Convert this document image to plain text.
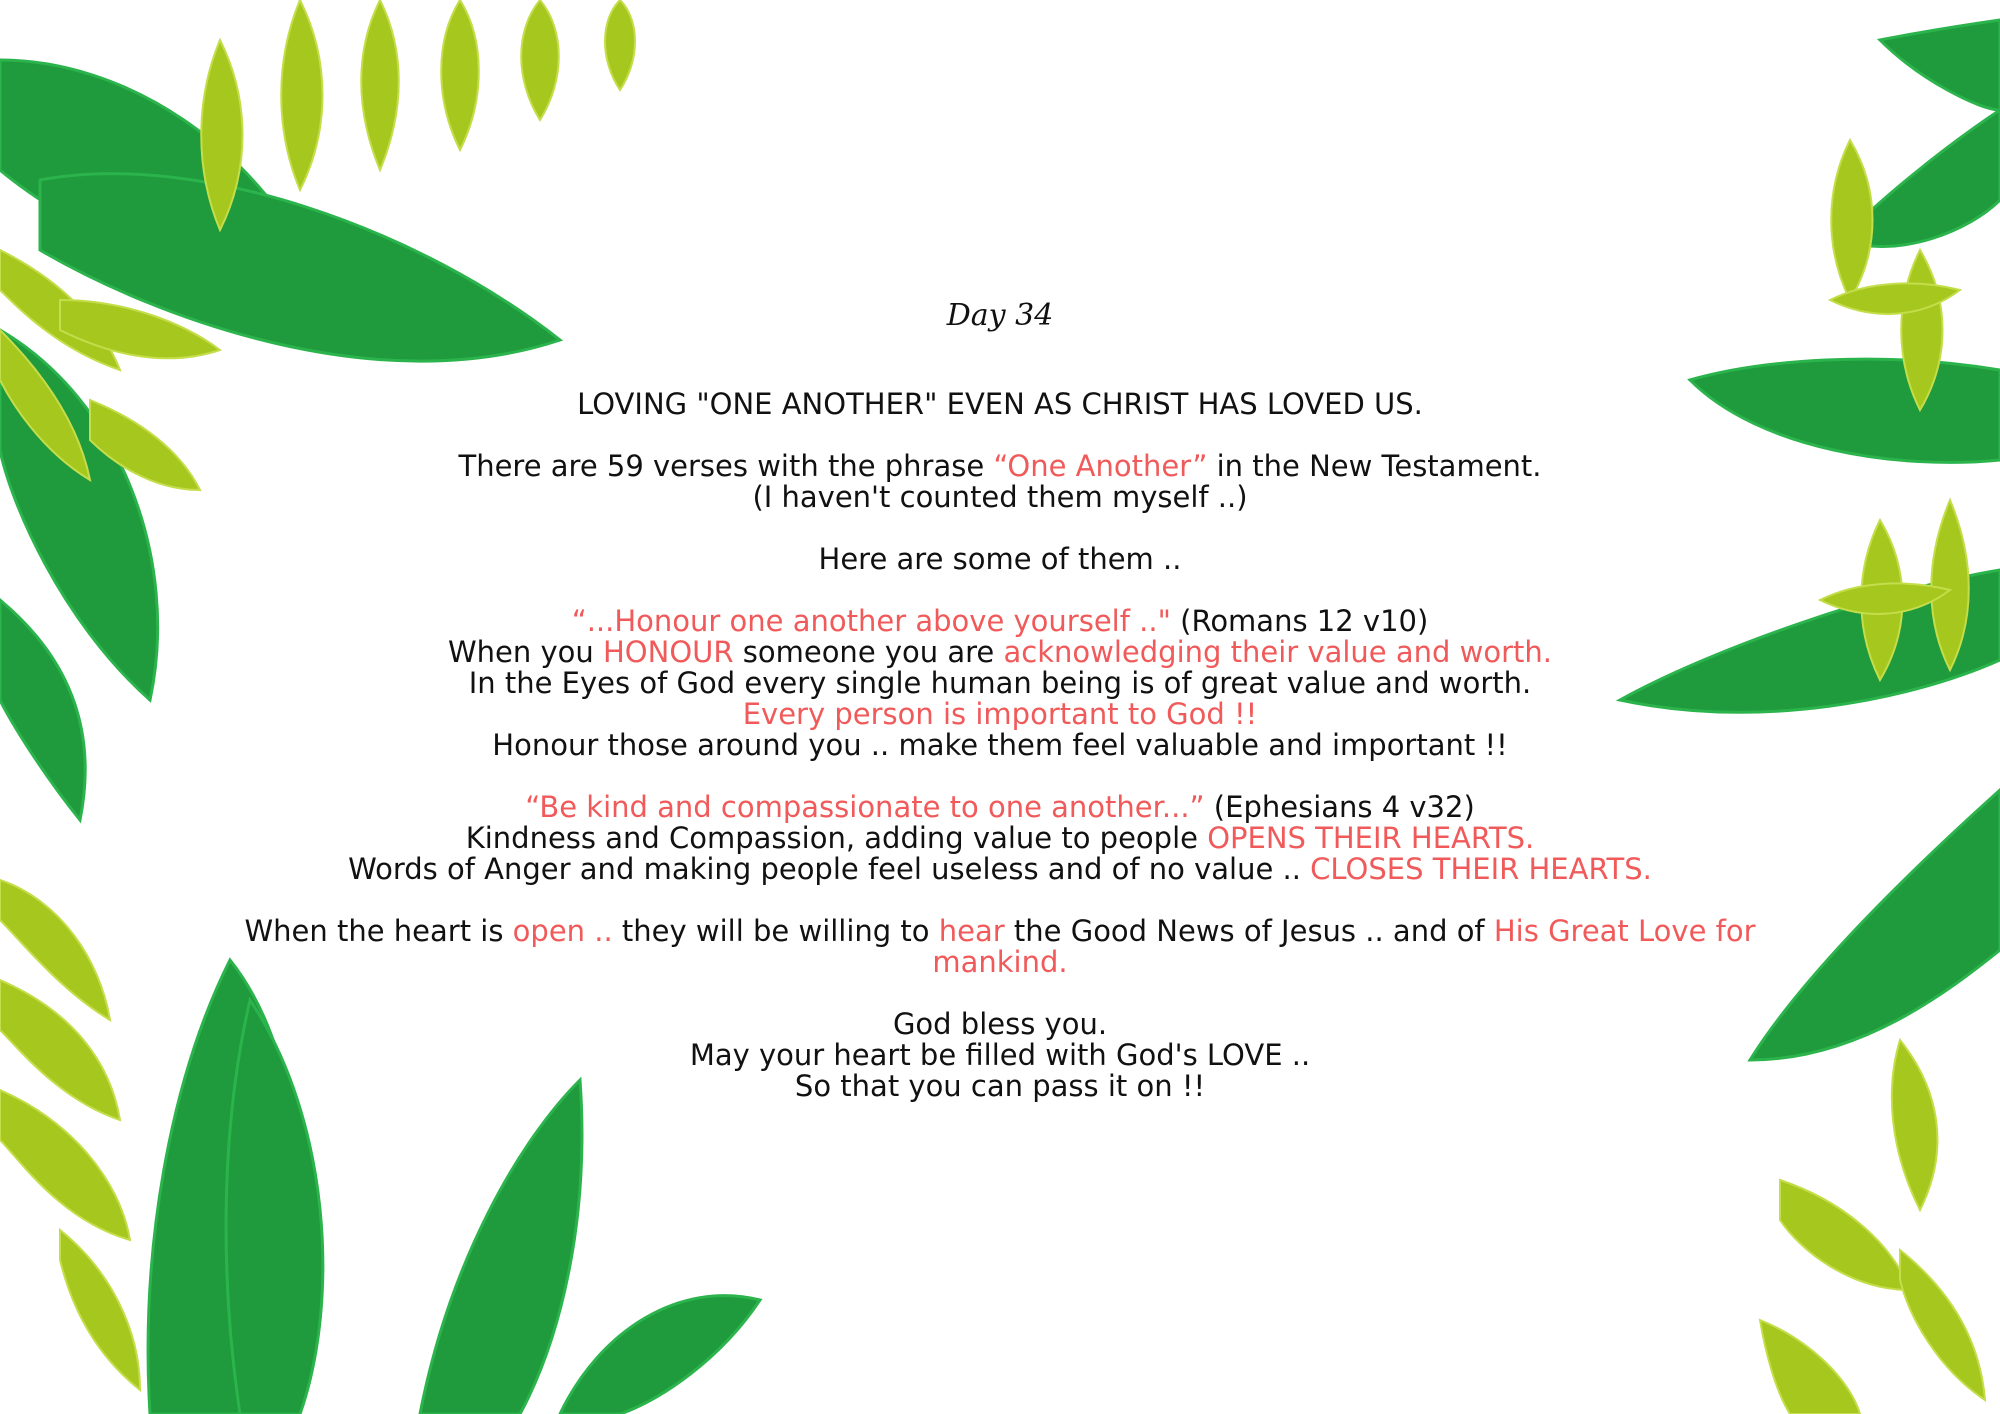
Day 34
LOVING "ONE ANOTHER" EVEN AS CHRIST HAS LOVED US.
There are 59 verses with the phrase “One Another” in the New Testament.
(I haven't counted them myself ..)
Here are some of them ..
“...Honour one another above yourself .." (Romans 12 v10)
When you HONOUR someone you are acknowledging their value and worth.
In the Eyes of God every single human being is of great value and worth.
Every person is important to God !!
Honour those around you .. make them feel valuable and important !!
“Be kind and compassionate to one another...” (Ephesians 4 v32)
Kindness and Compassion, adding value to people OPENS THEIR HEARTS.
Words of Anger and making people feel useless and of no value .. CLOSES THEIR HEARTS.
When the heart is open .. they will be willing to hear the Good News of Jesus .. and of His Great Love for
mankind.
God bless you.
May your heart be filled with God's LOVE ..
So that you can pass it on !!
